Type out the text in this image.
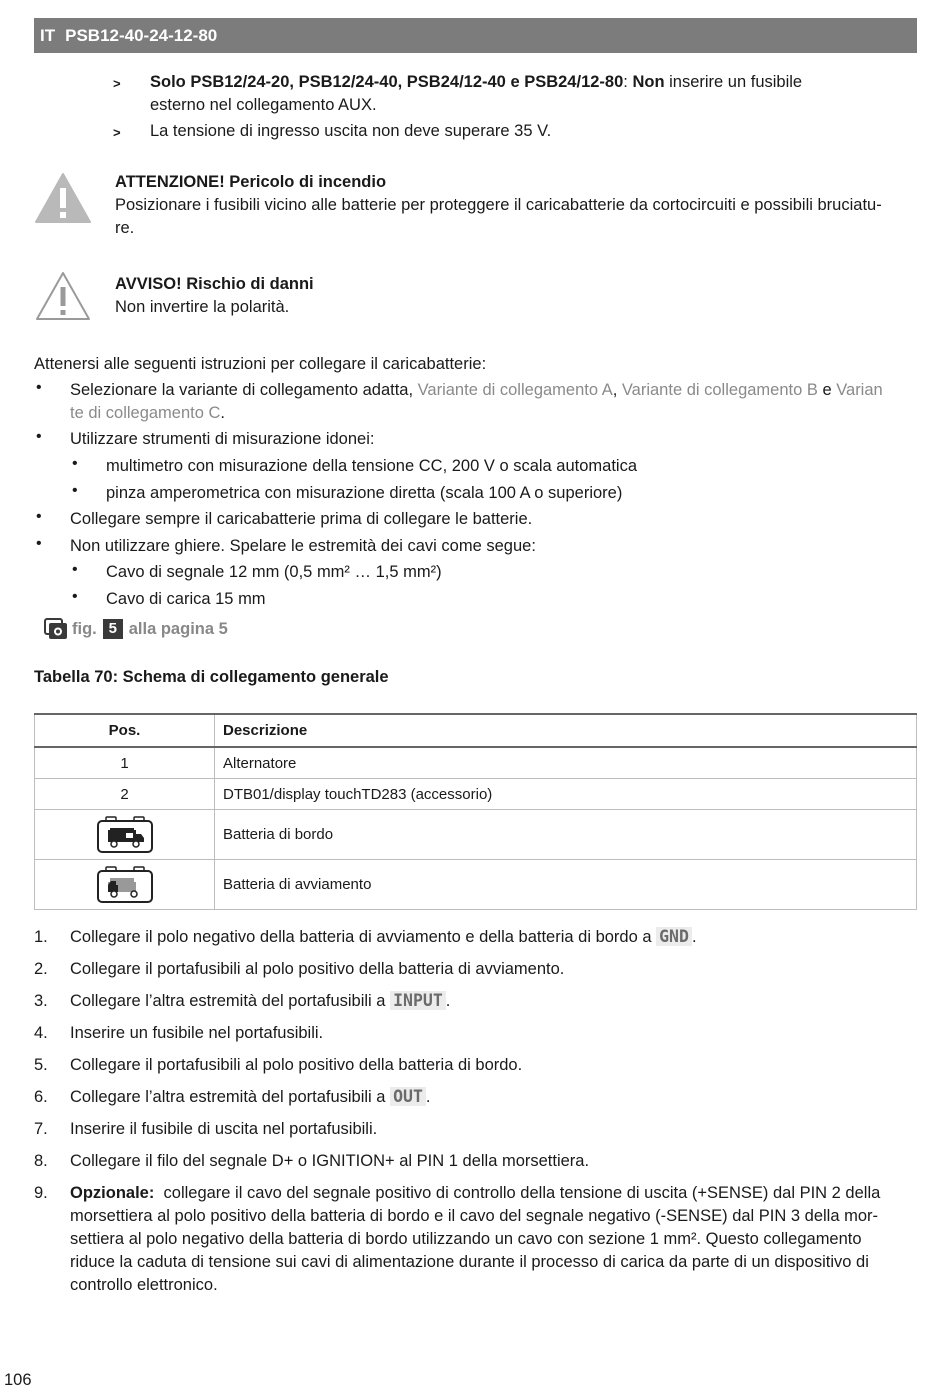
IT PSB12-40-24-12-80
> Solo PSB12/24-20, PSB12/24-40, PSB24/12-40 e PSB24/12-80: Non inserire un fusibile
esterno nel collegamento AUX.
> La tensione di ingresso uscita non deve superare 35 V.
ATTENZIONE! Pericolo di incendio
Posizionare i fusibili vicino alle batterie per proteggere il caricabatterie da cortocircuiti e possibili bruciatu-
re.
AVVISO! Rischio di danni
Non invertire la polarità.
Attenersi alle seguenti istruzioni per collegare il caricabatterie:
• Selezionare la variante di collegamento adatta, Variante di collegamento A, Variante di collegamento B e Varian
te di collegamento C.
• Utilizzare strumenti di misurazione idonei:
• multimetro con misurazione della tensione CC, 200 V o scala automatica
• pinza amperometrica con misurazione diretta (scala 100 A o superiore)
• Collegare sempre il caricabatterie prima di collegare le batterie.
• Non utilizzare ghiere. Spelare le estremità dei cavi come segue:
• Cavo di segnale 12 mm (0,5 mm² … 1,5 mm²)
• Cavo di carica 15 mm
fig. 5 alla pagina 5
Tabella 70: Schema di collegamento generale
Pos.	Descrizione
1	Alternatore
2	DTB01/display touchTD283 (accessorio)
	Batteria di bordo
	Batteria di avviamento
1. Collegare il polo negativo della batteria di avviamento e della batteria di bordo a GND .
2. Collegare il portafusibili al polo positivo della batteria di avviamento.
3. Collegare l’altra estremità del portafusibili a INPUT .
4. Inserire un fusibile nel portafusibili.
5. Collegare il portafusibili al polo positivo della batteria di bordo.
6. Collegare l’altra estremità del portafusibili a OUT .
7. Inserire il fusibile di uscita nel portafusibili.
8. Collegare il filo del segnale D+ o IGNITION+ al PIN 1 della morsettiera.
9. Opzionale: collegare il cavo del segnale positivo di controllo della tensione di uscita (+SENSE) dal PIN 2 della
morsettiera al polo positivo della batteria di bordo e il cavo del segnale negativo (-SENSE) dal PIN 3 della mor-
settiera al polo negativo della batteria di bordo utilizzando un cavo con sezione 1 mm². Questo collegamento
riduce la caduta di tensione sui cavi di alimentazione durante il processo di carica da parte di un dispositivo di
controllo elettronico.
106
